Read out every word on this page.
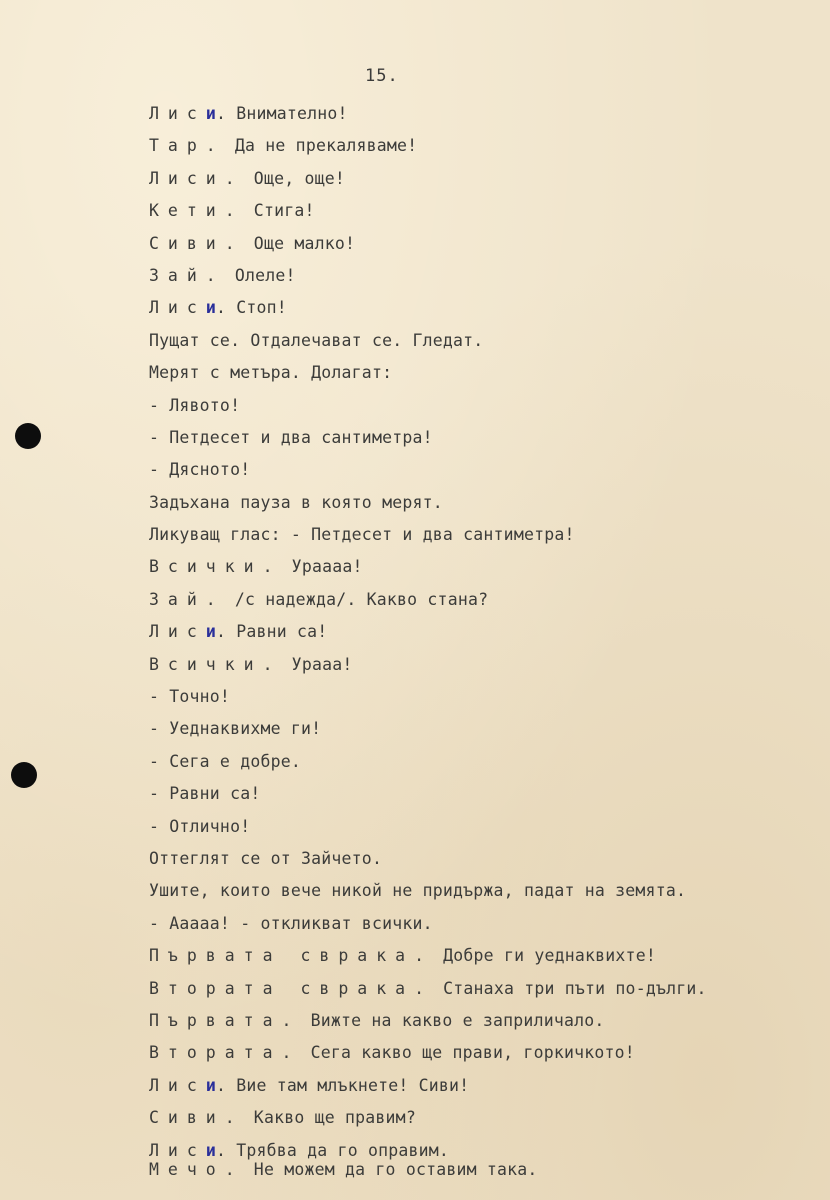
15.
Лиси. Внимателно!
Тар. Да не прекаляваме!
Лиси. Още, още!
Кети. Стига!
Сиви. Още малко!
Зай. Олеле!
Лиси. Стоп!
Пущат се. Отдалечават се. Гледат.
Мерят с метъра. Долагат:
- Лявото!
- Петдесет и два сантиметра!
- Дясното!
Задъхана пауза в която мерят.
Ликуващ глас: - Петдесет и два сантиметра!
Всички. Ураааа!
Зай. /с надежда/. Какво стана?
Лиси. Равни са!
Всички. Урааа!
- Точно!
- Уеднаквихме ги!
- Сега е добре.
- Равни са!
- Отлично!
Оттеглят се от Зайчето.
Ушите, които вече никой не придържа, падат на земята.
- Ааааа! - откликват всички.
Първата сврака. Добре ги уеднаквихте!
Втората сврака. Станаха три пъти по-дълги.
Първата. Вижте на какво е заприличало.
Втората. Сега какво ще прави, горкичкото!
Лиси. Вие там млъкнете! Сиви!
Сиви. Какво ще правим?
Лиси. Трябва да го оправим.
Мечо. Не можем да го оставим така.
